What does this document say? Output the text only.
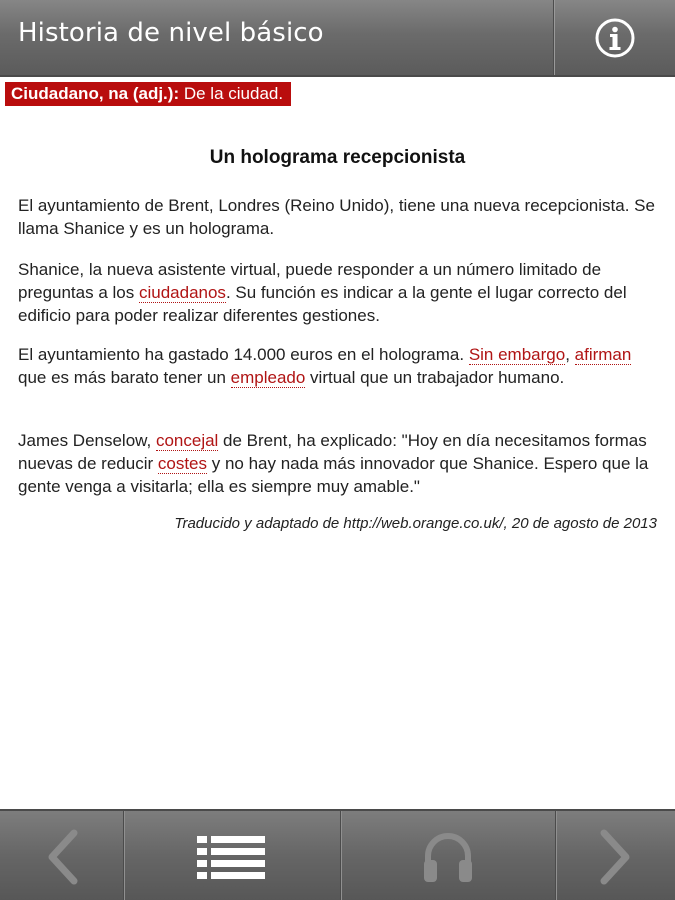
Historia de nivel básico
Ciudadano, na (adj.): De la ciudad.
Un holograma recepcionista
El ayuntamiento de Brent, Londres (Reino Unido), tiene una nueva recepcionista. Se llama Shanice y es un holograma.
Shanice, la nueva asistente virtual, puede responder a un número limitado de preguntas a los ciudadanos. Su función es indicar a la gente el lugar correcto del edificio para poder realizar diferentes gestiones.
El ayuntamiento ha gastado 14.000 euros en el holograma. Sin embargo, afirman que es más barato tener un empleado virtual que un trabajador humano.
James Denselow, concejal de Brent, ha explicado: "Hoy en día necesitamos formas nuevas de reducir costes y no hay nada más innovador que Shanice. Espero que la gente venga a visitarla; ella es siempre muy amable."
Traducido y adaptado de http://web.orange.co.uk/, 20 de agosto de 2013
